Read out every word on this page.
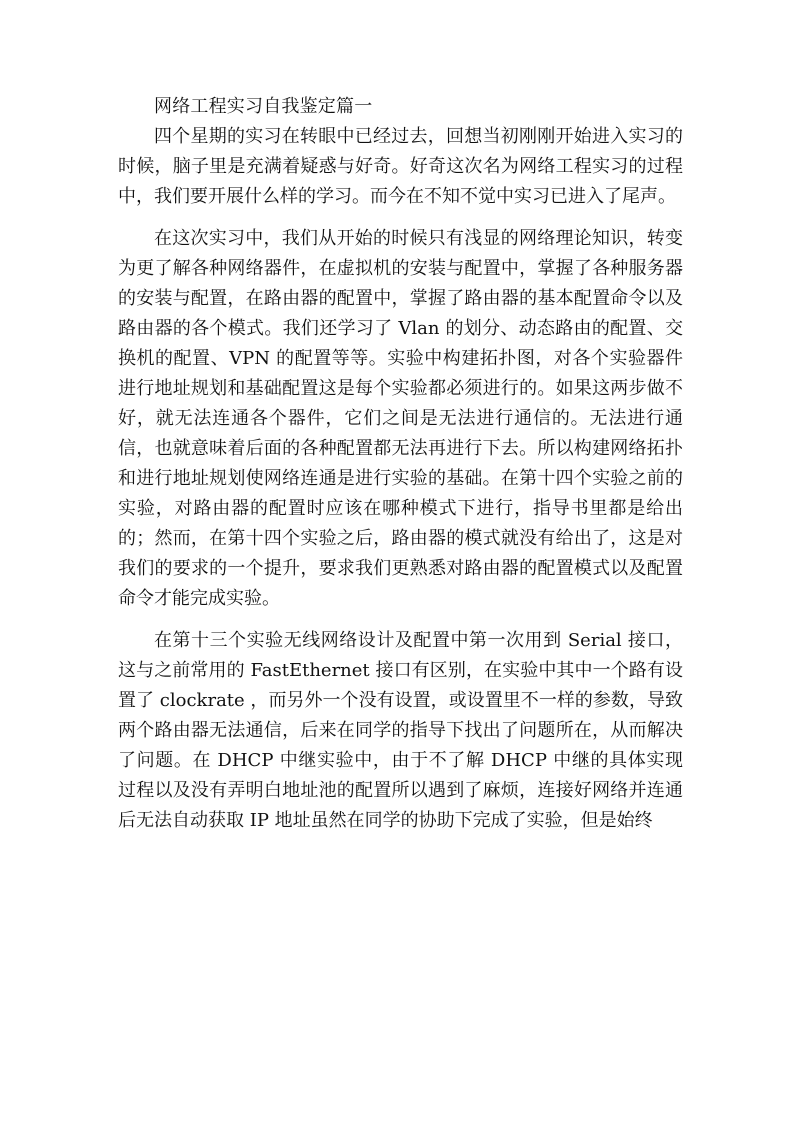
网络工程实习自我鉴定篇一

四个星期的实习在转眼中已经过去，回想当初刚刚开始进入实习的时候，脑子里是充满着疑惑与好奇。好奇这次名为网络工程实习的过程中，我们要开展什么样的学习。而今在不知不觉中实习已进入了尾声。

在这次实习中，我们从开始的时候只有浅显的网络理论知识，转变为更了解各种网络器件，在虚拟机的安装与配置中，掌握了各种服务器的安装与配置，在路由器的配置中，掌握了路由器的基本配置命令以及路由器的各个模式。我们还学习了 Vlan 的划分、动态路由的配置、交换机的配置、VPN 的配置等等。实验中构建拓扑图，对各个实验器件进行地址规划和基础配置这是每个实验都必须进行的。如果这两步做不好，就无法连通各个器件，它们之间是无法进行通信的。无法进行通信，也就意味着后面的各种配置都无法再进行下去。所以构建网络拓扑和进行地址规划使网络连通是进行实验的基础。在第十四个实验之前的实验，对路由器的配置时应该在哪种模式下进行，指导书里都是给出的；然而，在第十四个实验之后，路由器的模式就没有给出了，这是对我们的要求的一个提升，要求我们更熟悉对路由器的配置模式以及配置命令才能完成实验。

在第十三个实验无线网络设计及配置中第一次用到 Serial 接口，这与之前常用的 FastEthernet 接口有区别，在实验中其中一个路有设置了 clockrate ，而另外一个没有设置，或设置里不一样的参数，导致两个路由器无法通信，后来在同学的指导下找出了问题所在，从而解决了问题。在 DHCP 中继实验中，由于不了解 DHCP 中继的具体实现过程以及没有弄明白地址池的配置所以遇到了麻烦，连接好网络并连通后无法自动获取 IP 地址虽然在同学的协助下完成了实验，但是始终
